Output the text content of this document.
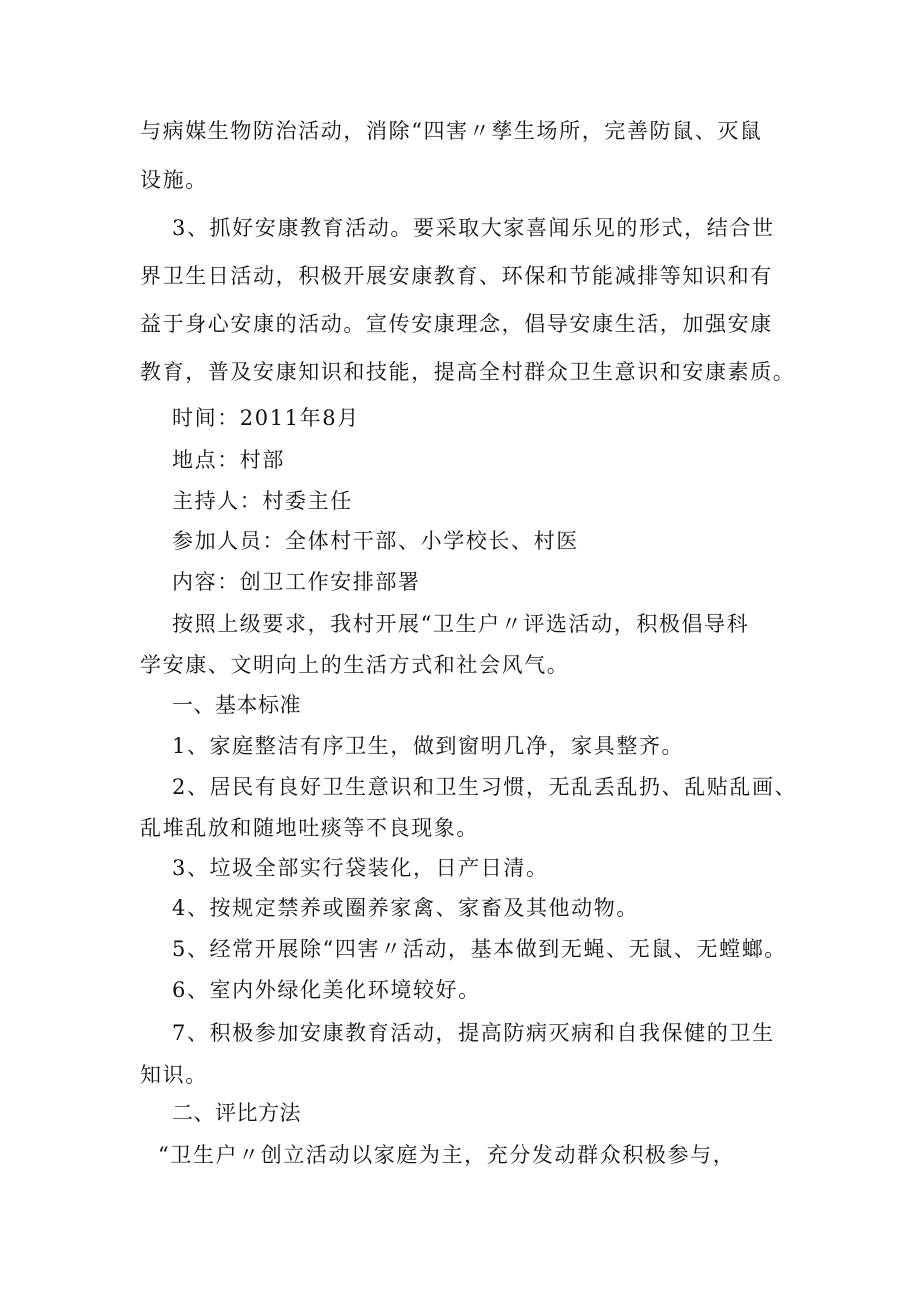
与病媒生物防治活动，消除“四害〃孳生场所，完善防鼠、灭鼠

设施。

3、抓好安康教育活动。要采取大家喜闻乐见的形式，结合世

界卫生日活动，积极开展安康教育、环保和节能减排等知识和有

益于身心安康的活动。宣传安康理念，倡导安康生活，加强安康

教育，普及安康知识和技能，提高全村群众卫生意识和安康素质。

时间：2011年8月

地点：村部

主持人：村委主任

参加人员：全体村干部、小学校长、村医

内容：创卫工作安排部署

按照上级要求，我村开展“卫生户〃评选活动，积极倡导科

学安康、文明向上的生活方式和社会风气。

一、基本标准

1、家庭整洁有序卫生，做到窗明几净，家具整齐。

2、居民有良好卫生意识和卫生习惯，无乱丢乱扔、乱贴乱画、

乱堆乱放和随地吐痰等不良现象。

3、垃圾全部实行袋装化，日产日清。

4、按规定禁养或圈养家禽、家畜及其他动物。

5、经常开展除“四害〃活动，基本做到无蝇、无鼠、无螳螂。

6、室内外绿化美化环境较好。

7、积极参加安康教育活动，提高防病灭病和自我保健的卫生

知识。

二、评比方法

“卫生户〃创立活动以家庭为主，充分发动群众积极参与，
